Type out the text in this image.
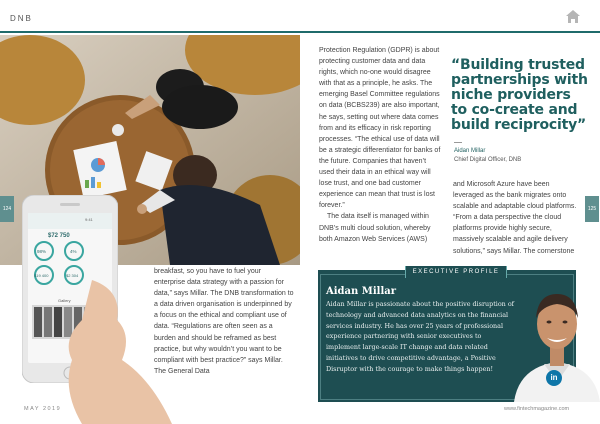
DNB
9:41
$72 750
98%	4%
$19 400	$2 304
Gallery
124	125

Protection Regulation (GDPR) is about protecting customer data and data rights, which no-one would disagree with that as a principle, he asks. The emerging Basel Committee regulations on data (BCBS239) are also important, he says, setting out where data comes from and its efficacy in risk reporting processes. “The ethical use of data will be a strategic differentiator for banks of the future. Companies that haven’t used their data in an ethical way will lose trust, and one bad customer experience can mean that trust is lost forever.”

The data itself is managed within DNB’s multi cloud solution, whereby both Amazon Web Services (AWS)

breakfast, so you have to fuel your enterprise data strategy with a passion for data,” says Millar. The DNB transformation to a data driven organisation is underpinned by a focus on the ethical and compliant use of data. “Regulations are often seen as a burden and should be reframed as best practice, but why wouldn’t you want to be compliant with best practice?” says Millar. The General Data

“Building trusted partnerships with niche providers to co-create and build reciprocity”
Aidan Millar
Chief Digital Officer, DNB

and Microsoft Azure have been leveraged as the bank migrates onto scalable and adaptable cloud platforms. “From a data perspective the cloud platforms provide highly secure, massively scalable and agile delivery solutions,” says Millar. The cornerstone

EXECUTIVE PROFILE
Aidan Millar
Aidan Millar is passionate about the positive disruption of technology and advanced data analytics on the financial services industry. He has over 25 years of professional experience partnering with senior executives to implement large-scale IT change and data related initiatives to drive competitive advantage, a Positive Disruptor with the courage to make things happen!
in
MAY 2019	www.fintechmagazine.com
